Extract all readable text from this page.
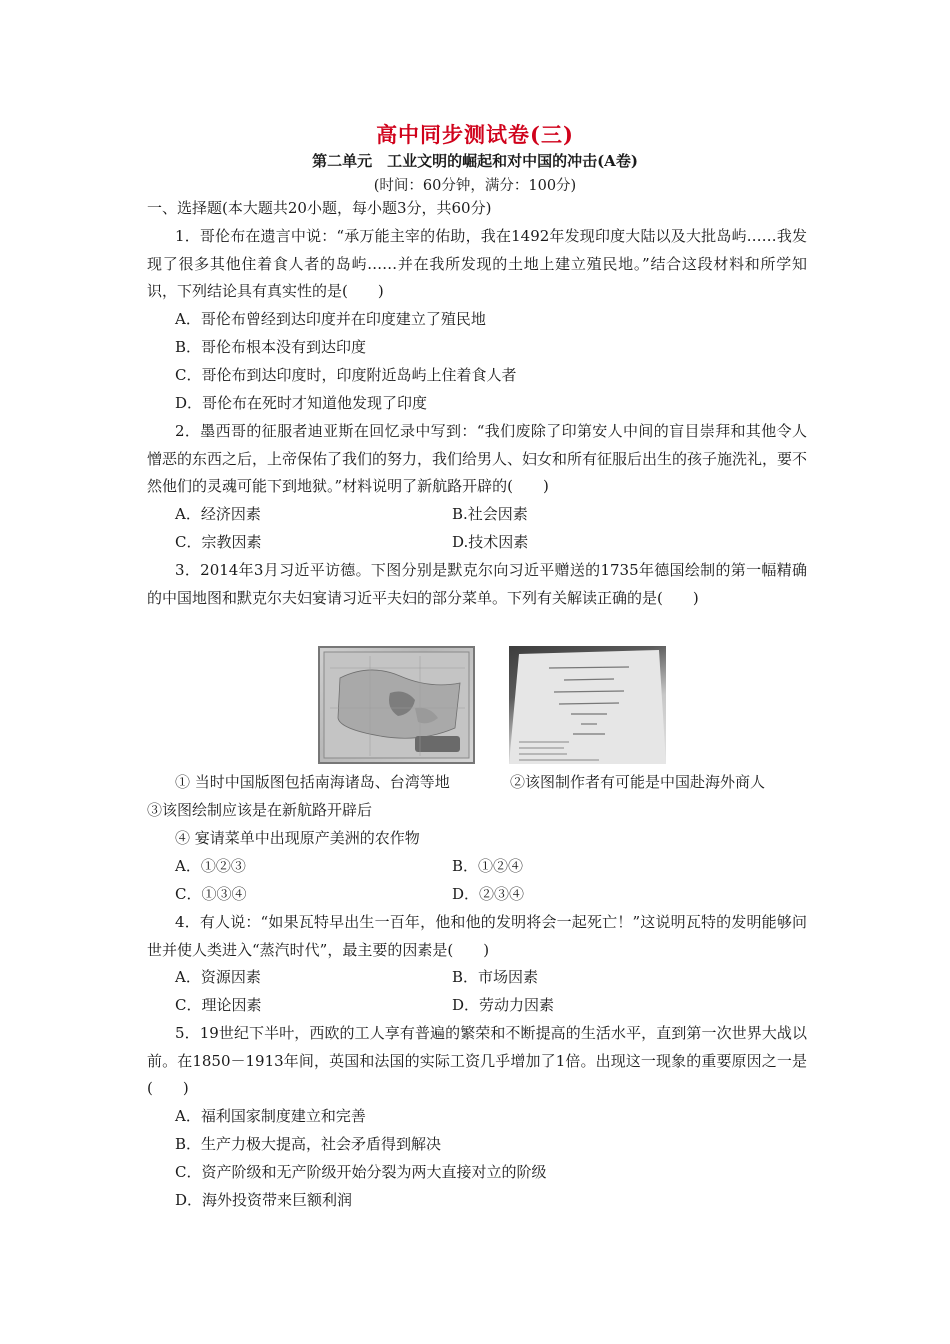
高中同步测试卷(三)
第二单元　工业文明的崛起和对中国的冲击(A卷)
(时间：60分钟，满分：100分)
一、选择题(本大题共20小题，每小题3分，共60分)
1．哥伦布在遗言中说：“承万能主宰的佑助，我在1492年发现印度大陆以及大批岛屿……我发现了很多其他住着食人者的岛屿……并在我所发现的土地上建立殖民地。”结合这段材料和所学知识，下列结论具有真实性的是(　　)
A．哥伦布曾经到达印度并在印度建立了殖民地
B．哥伦布根本没有到达印度
C．哥伦布到达印度时，印度附近岛屿上住着食人者
D．哥伦布在死时才知道他发现了印度
2．墨西哥的征服者迪亚斯在回忆录中写到：“我们废除了印第安人中间的盲目崇拜和其他令人憎恶的东西之后，上帝保佑了我们的努力，我们给男人、妇女和所有征服后出生的孩子施洗礼，要不然他们的灵魂可能下到地狱。”材料说明了新航路开辟的(　　)
A．经济因素	B.社会因素
C．宗教因素	D.技术因素
3．2014年3月习近平访德。下图分别是默克尔向习近平赠送的1735年德国绘制的第一幅精确的中国地图和默克尔夫妇宴请习近平夫妇的部分菜单。下列有关解读正确的是(　　)
① 当时中国版图包括南海诸岛、台湾等地	②该图制作者有可能是中国赴海外商人
③该图绘制应该是在新航路开辟后
④ 宴请菜单中出现原产美洲的农作物
A．①②③	B．①②④
C．①③④	D．②③④
4．有人说：“如果瓦特早出生一百年，他和他的发明将会一起死亡！”这说明瓦特的发明能够问世并使人类进入“蒸汽时代”，最主要的因素是(　　)
A．资源因素	B．市场因素
C．理论因素	D．劳动力因素
5．19世纪下半叶，西欧的工人享有普遍的繁荣和不断提高的生活水平，直到第一次世界大战以前。在1850－1913年间，英国和法国的实际工资几乎增加了1倍。出现这一现象的重要原因之一是(　　)
A．福利国家制度建立和完善
B．生产力极大提高，社会矛盾得到解决
C．资产阶级和无产阶级开始分裂为两大直接对立的阶级
D．海外投资带来巨额利润
